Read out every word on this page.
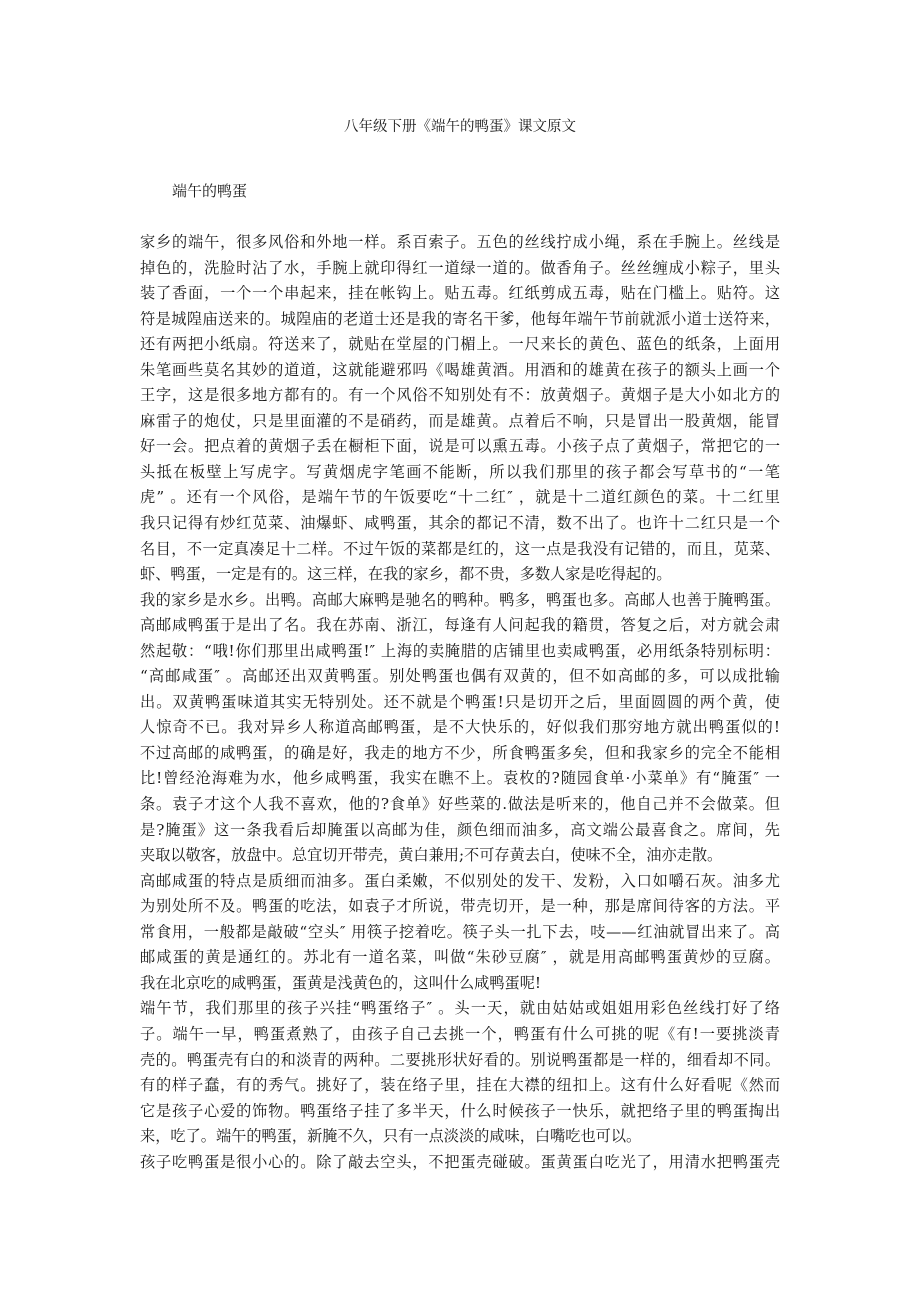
八年级下册《端午的鸭蛋》课文原文
端午的鸭蛋
家乡的端午，很多风俗和外地一样。系百索子。五色的丝线拧成小绳，系在手腕上。丝线是
掉色的，洗脸时沾了水，手腕上就印得红一道绿一道的。做香角子。丝丝缠成小粽子，里头
装了香面，一个一个串起来，挂在帐钩上。贴五毒。红纸剪成五毒，贴在门槛上。贴符。这
符是城隍庙送来的。城隍庙的老道士还是我的寄名干爹，他每年端午节前就派小道士送符来，
还有两把小纸扇。符送来了，就贴在堂屋的门楣上。一尺来长的黄色、蓝色的纸条，上面用
朱笔画些莫名其妙的道道，这就能避邪吗《喝雄黄酒。用酒和的雄黄在孩子的额头上画一个
王字，这是很多地方都有的。有一个风俗不知别处有不：放黄烟子。黄烟子是大小如北方的
麻雷子的炮仗，只是里面灌的不是硝药，而是雄黄。点着后不响，只是冒出一股黄烟，能冒
好一会。把点着的黄烟子丢在橱柜下面，说是可以熏五毒。小孩子点了黄烟子，常把它的一
头抵在板壁上写虎字。写黄烟虎字笔画不能断，所以我们那里的孩子都会写草书的“一笔
虎” 。还有一个风俗，是端午节的午饭要吃“十二红″ ，就是十二道红颜色的菜。十二红里
我只记得有炒红苋菜、油爆虾、咸鸭蛋，其余的都记不清，数不出了。也许十二红只是一个
名目，不一定真凑足十二样。不过午饭的菜都是红的，这一点是我没有记错的，而且，苋菜、
虾、鸭蛋，一定是有的。这三样，在我的家乡，都不贵，多数人家是吃得起的。
我的家乡是水乡。出鸭。高邮大麻鸭是驰名的鸭种。鸭多，鸭蛋也多。高邮人也善于腌鸭蛋。
高邮咸鸭蛋于是出了名。我在苏南、浙江，每逢有人问起我的籍贯，答复之后，对方就会肃
然起敬：“哦!你们那里出咸鸭蛋!″ 上海的卖腌腊的店铺里也卖咸鸭蛋，必用纸条特别标明：
“高邮咸蛋″ 。高邮还出双黄鸭蛋。别处鸭蛋也偶有双黄的，但不如高邮的多，可以成批输
出。双黄鸭蛋味道其实无特别处。还不就是个鸭蛋!只是切开之后，里面圆圆的两个黄，使
人惊奇不已。我对异乡人称道高邮鸭蛋，是不大快乐的，好似我们那穷地方就出鸭蛋似的!
不过高邮的咸鸭蛋，的确是好，我走的地方不少，所食鸭蛋多矣，但和我家乡的完全不能相
比!曾经沧海难为水，他乡咸鸭蛋，我实在瞧不上。袁枚的?随园食单·小菜单》有“腌蛋″ 一
条。袁子才这个人我不喜欢，他的?食单》好些菜的.做法是听来的，他自己并不会做菜。但
是?腌蛋》这一条我看后却腌蛋以高邮为佳，颜色细而油多，高文端公最喜食之。席间，先
夹取以敬客，放盘中。总宜切开带壳，黄白兼用;不可存黄去白，使味不全，油亦走散。
高邮咸蛋的特点是质细而油多。蛋白柔嫩，不似别处的发干、发粉，入口如嚼石灰。油多尤
为别处所不及。鸭蛋的吃法，如袁子才所说，带壳切开，是一种，那是席间待客的方法。平
常食用，一般都是敲破“空头″ 用筷子挖着吃。筷子头一扎下去，吱——红油就冒出来了。高
邮咸蛋的黄是通红的。苏北有一道名菜，叫做“朱砂豆腐″ ，就是用高邮鸭蛋黄炒的豆腐。
我在北京吃的咸鸭蛋，蛋黄是浅黄色的，这叫什么咸鸭蛋呢!
端午节，我们那里的孩子兴挂“鸭蛋络子″ 。头一天，就由姑姑或姐姐用彩色丝线打好了络
子。端午一早，鸭蛋煮熟了，由孩子自己去挑一个，鸭蛋有什么可挑的呢《有!一要挑淡青
壳的。鸭蛋壳有白的和淡青的两种。二要挑形状好看的。别说鸭蛋都是一样的，细看却不同。
有的样子蠢，有的秀气。挑好了，装在络子里，挂在大襟的纽扣上。这有什么好看呢《然而
它是孩子心爱的饰物。鸭蛋络子挂了多半天，什么时候孩子一快乐，就把络子里的鸭蛋掏出
来，吃了。端午的鸭蛋，新腌不久，只有一点淡淡的咸味，白嘴吃也可以。
孩子吃鸭蛋是很小心的。除了敲去空头，不把蛋壳碰破。蛋黄蛋白吃光了，用清水把鸭蛋壳
